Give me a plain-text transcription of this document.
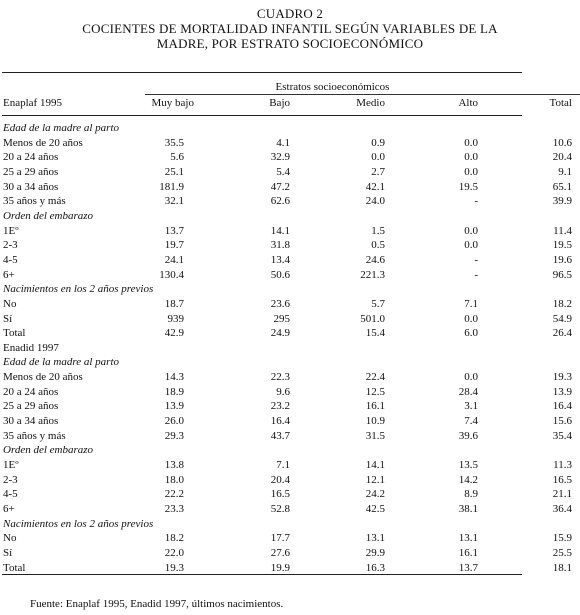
CUADRO 2
COCIENTES DE MORTALIDAD INFANTIL SEGÚN VARIABLES DE LA
MADRE, POR ESTRATO SOCIOECONÓMICO
Estratos socioeconómicos
Enaplaf 1995	Muy bajo	Bajo	Medio	Alto	Total
Edad de la madre al parto
Menos de 20 años	35.5	4.1	0.9	0.0	10.6
20 a 24 años	5.6	32.9	0.0	0.0	20.4
25 a 29 años	25.1	5.4	2.7	0.0	9.1
30 a 34 años	181.9	47.2	42.1	19.5	65.1
35 años y más	32.1	62.6	24.0	-	39.9
Orden del embarazo
1Eº	13.7	14.1	1.5	0.0	11.4
2-3	19.7	31.8	0.5	0.0	19.5
4-5	24.1	13.4	24.6	-	19.6
6+	130.4	50.6	221.3	-	96.5
Nacimientos en los 2 años previos
No	18.7	23.6	5.7	7.1	18.2
Sí	939	295	501.0	0.0	54.9
Total	42.9	24.9	15.4	6.0	26.4
Enadid 1997
Edad de la madre al parto
Menos de 20 años	14.3	22.3	22.4	0.0	19.3
20 a 24 años	18.9	9.6	12.5	28.4	13.9
25 a 29 años	13.9	23.2	16.1	3.1	16.4
30 a 34 años	26.0	16.4	10.9	7.4	15.6
35 años y más	29.3	43.7	31.5	39.6	35.4
Orden del embarazo
1Eº	13.8	7.1	14.1	13.5	11.3
2-3	18.0	20.4	12.1	14.2	16.5
4-5	22.2	16.5	24.2	8.9	21.1
6+	23.3	52.8	42.5	38.1	36.4
Nacimientos en los 2 años previos
No	18.2	17.7	13.1	13.1	15.9
Sí	22.0	27.6	29.9	16.1	25.5
Total	19.3	19.9	16.3	13.7	18.1
Fuente: Enaplaf 1995, Enadid 1997, últimos nacimientos.
